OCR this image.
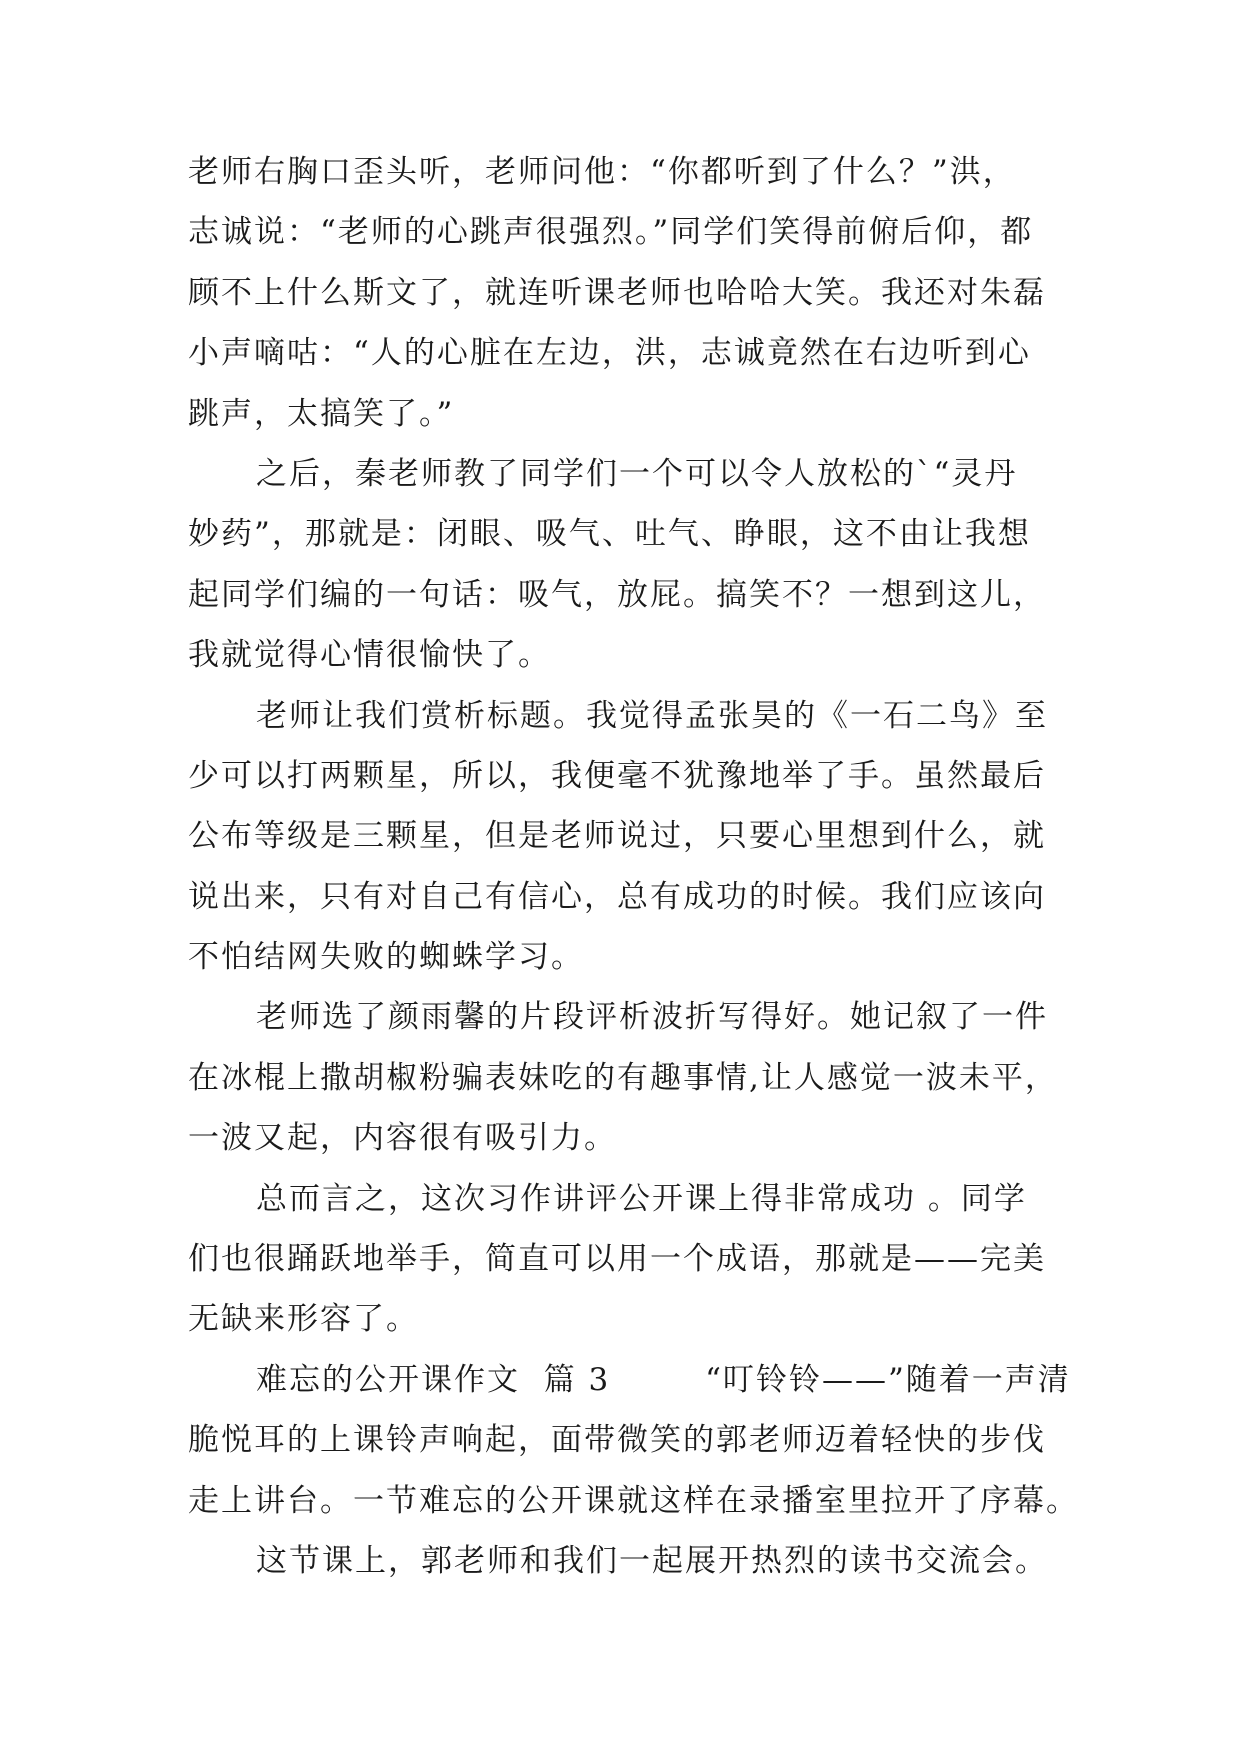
老师右胸口歪头听，老师问他：“你都听到了什么？”洪，
志诚说：“老师的心跳声很强烈。”同学们笑得前俯后仰，都
顾不上什么斯文了，就连听课老师也哈哈大笑。我还对朱磊
小声嘀咕：“人的心脏在左边，洪，志诚竟然在右边听到心
跳声，太搞笑了。”
之后，秦老师教了同学们一个可以令人放松的`“灵丹
妙药”，那就是：闭眼、吸气、吐气、睁眼，这不由让我想
起同学们编的一句话：吸气，放屁。搞笑不？一想到这儿，
我就觉得心情很愉快了。
老师让我们赏析标题。我觉得孟张昊的《一石二鸟》至
少可以打两颗星，所以，我便毫不犹豫地举了手。虽然最后
公布等级是三颗星，但是老师说过，只要心里想到什么，就
说出来，只有对自己有信心，总有成功的时候。我们应该向
不怕结网失败的蜘蛛学习。
老师选了颜雨馨的片段评析波折写得好。她记叙了一件
在冰棍上撒胡椒粉骗表妹吃的有趣事情,让人感觉一波未平，
一波又起，内容很有吸引力。
总而言之，这次习作讲评公开课上得非常成功 。同学
们也很踊跃地举手，简直可以用一个成语，那就是——完美
无缺来形容了。
难忘的公开课作文  篇 3        “叮铃铃——”随着一声清
脆悦耳的上课铃声响起，面带微笑的郭老师迈着轻快的步伐
走上讲台。一节难忘的公开课就这样在录播室里拉开了序幕。
这节课上，郭老师和我们一起展开热烈的读书交流会。
